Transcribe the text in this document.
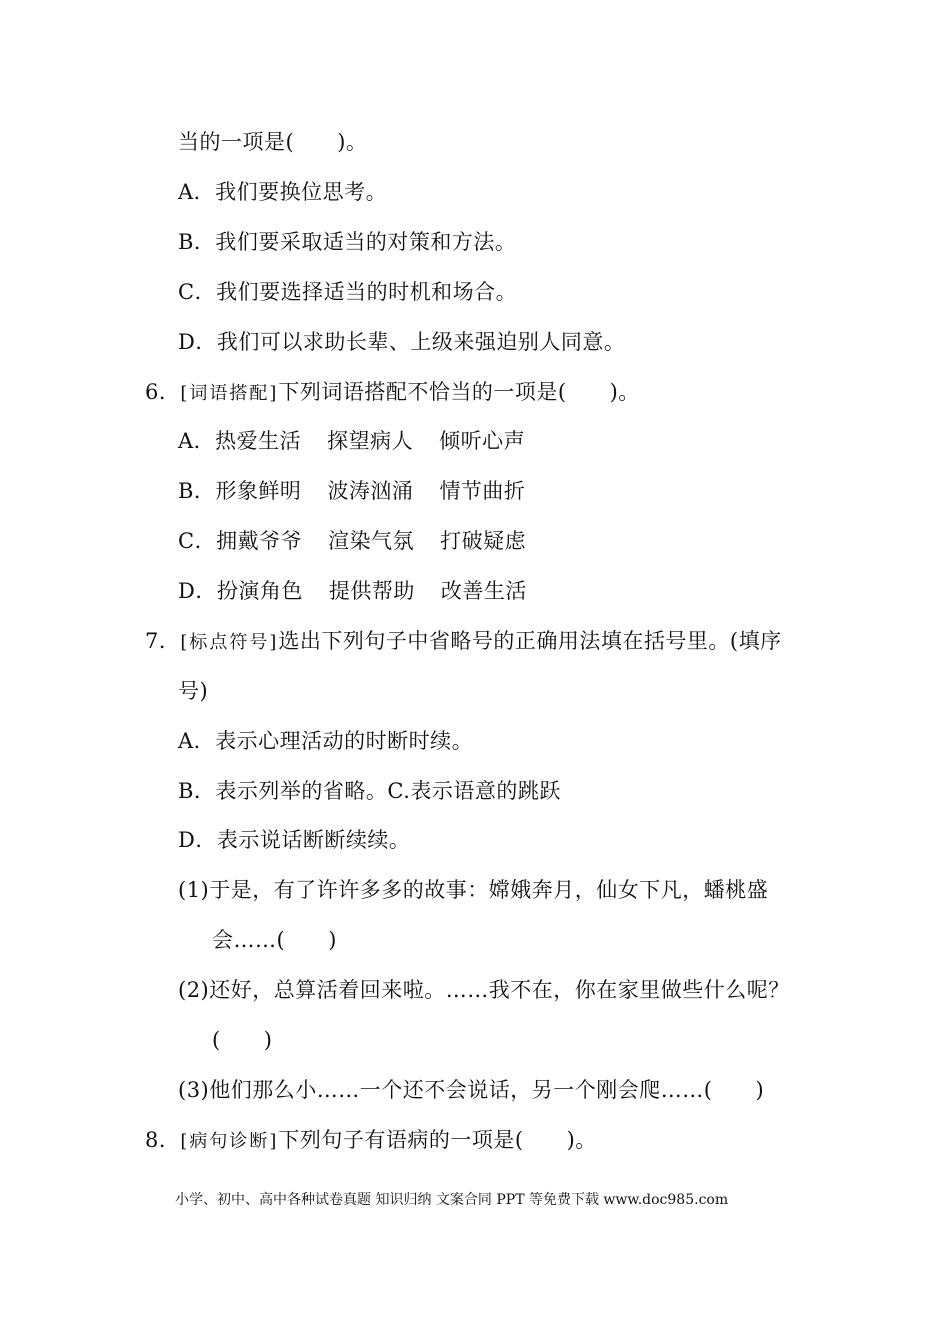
当的一项是(　　)。
A．我们要换位思考。
B．我们要采取适当的对策和方法。
C．我们要选择适当的时机和场合。
D．我们可以求助长辈、上级来强迫别人同意。
6．[词语搭配]下列词语搭配不恰当的一项是(　　)。
A．热爱生活 探望病人 倾听心声
B．形象鲜明 波涛汹涌 情节曲折
C．拥戴爷爷 渲染气氛 打破疑虑
D．扮演角色 提供帮助 改善生活
7．[标点符号]选出下列句子中省略号的正确用法填在括号里。(填序
号)
A．表示心理活动的时断时续。
B．表示列举的省略。C.表示语意的跳跃
D．表示说话断断续续。
(1)于是，有了许许多多的故事：嫦娥奔月，仙女下凡，蟠桃盛
会……(　　)
(2)还好，总算活着回来啦。……我不在，你在家里做些什么呢？
(　　)
(3)他们那么小……一个还不会说话，另一个刚会爬……(　　)
8．[病句诊断]下列句子有语病的一项是(　　)。
小学、初中、高中各种试卷真题 知识归纳 文案合同 PPT 等免费下载 www.doc985.com
